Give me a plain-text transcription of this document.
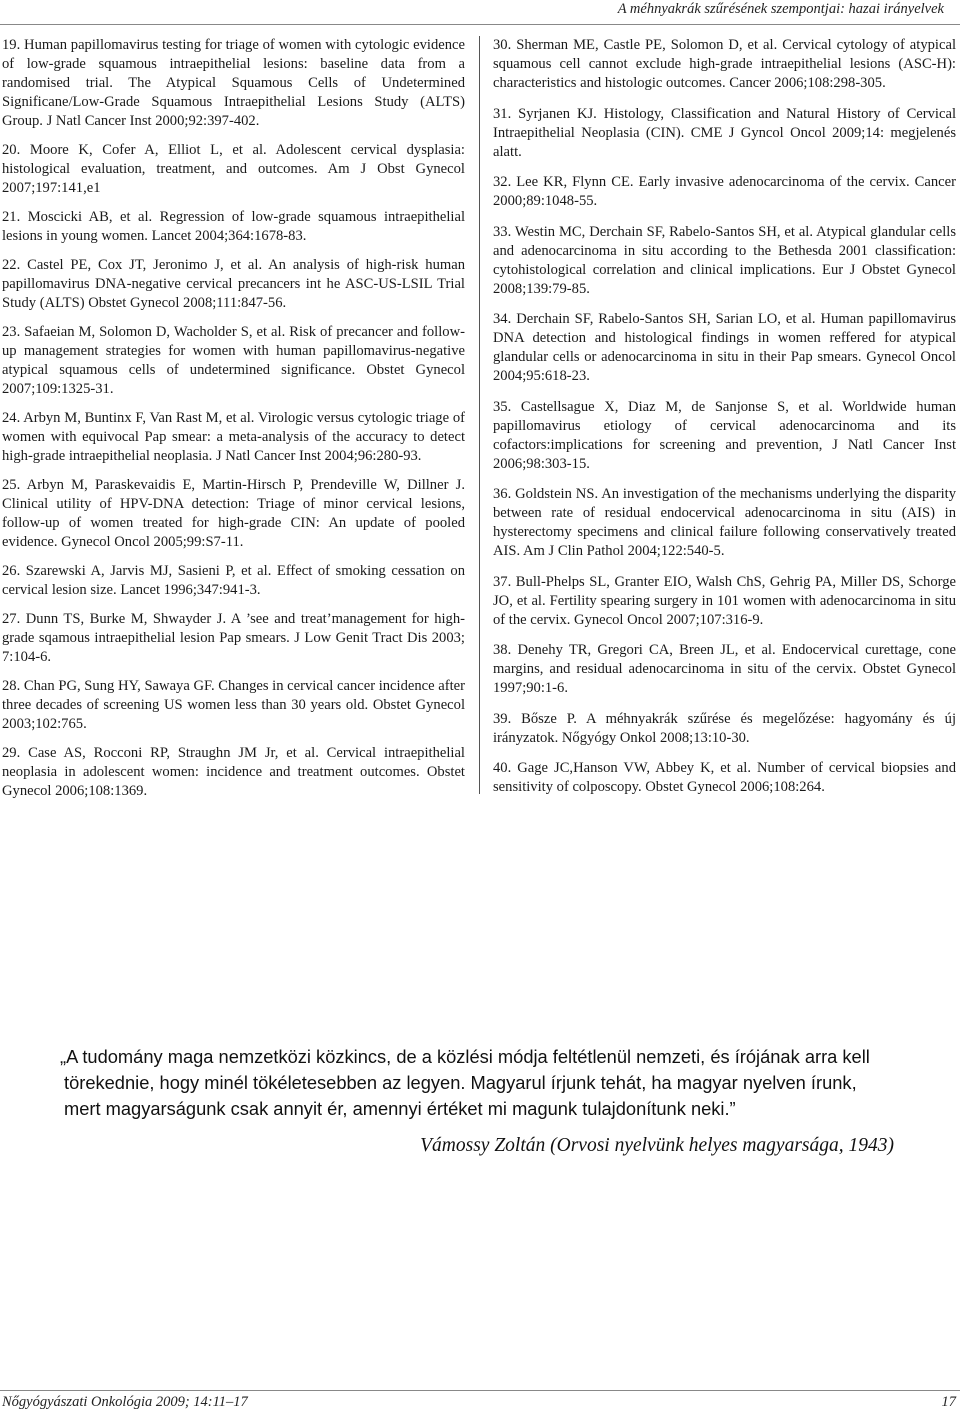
A méhnyakrák szűrésének szempontjai: hazai irányelvek

19. Human papillomavirus testing for triage of women with cytologic evidence of low-grade squamous intraepithelial lesions: baseline data from a randomised trial. The Atypical Squamous Cells of Undetermined Significane/Low-Grade Squamous Intraepithelial Lesions Study (ALTS) Group. J Natl Cancer Inst 2000;92:397-402.

20. Moore K, Cofer A, Elliot L, et al. Adolescent cervical dysplasia: histological evaluation, treatment, and outcomes. Am J Obst Gynecol 2007;197:141,e1

21. Moscicki AB, et al. Regression of low-grade squamous intraepithelial lesions in young women. Lancet 2004;364:1678-83.

22. Castel PE, Cox JT, Jeronimo J, et al. An analysis of high-risk human papillomavirus DNA-negative cervical precancers int he ASC-US-LSIL Trial Study (ALTS) Obstet Gynecol 2008;111:847-56.

23. Safaeian M, Solomon D, Wacholder S, et al. Risk of precancer and follow-up management strategies for women with human papillomavirus-negative atypical squamous cells of undetermined significance. Obstet Gynecol 2007;109:1325-31.

24. Arbyn M, Buntinx F, Van Rast M, et al. Virologic versus cytologic triage of women with equivocal Pap smear: a meta-analysis of the accuracy to detect high-grade intraepithelial neoplasia. J Natl Cancer Inst 2004;96:280-93.

25. Arbyn M, Paraskevaidis E, Martin-Hirsch P, Prendeville W, Dillner J. Clinical utility of HPV-DNA detection: Triage of minor cervical lesions, follow-up of women treated for high-grade CIN: An update of pooled evidence. Gynecol Oncol 2005;99:S7-11.

26. Szarewski A, Jarvis MJ, Sasieni P, et al. Effect of smoking cessation on cervical lesion size. Lancet 1996;347:941-3.

27. Dunn TS, Burke M, Shwayder J. A ’see and treat’management for high-grade sqamous intraepithelial lesion Pap smears. J Low Genit Tract Dis 2003; 7:104-6.

28. Chan PG, Sung HY, Sawaya GF. Changes in cervical cancer incidence after three decades of screening US women less than 30 years old. Obstet Gynecol 2003;102:765.

29. Case AS, Rocconi RP, Straughn JM Jr, et al. Cervical intraepithelial neoplasia in adolescent women: incidence and treatment outcomes. Obstet Gynecol 2006;108:1369.

30. Sherman ME, Castle PE, Solomon D, et al. Cervical cytology of atypical squamous cell cannot exclude high-grade intraepithelial lesions (ASC-H): characteristics and histologic outcomes. Cancer 2006;108:298-305.

31. Syrjanen KJ. Histology, Classification and Natural History of Cervical Intraepithelial Neoplasia (CIN). CME J Gyncol Oncol 2009;14: megjelenés alatt.

32. Lee KR, Flynn CE. Early invasive adenocarcinoma of the cervix. Cancer 2000;89:1048-55.

33. Westin MC, Derchain SF, Rabelo-Santos SH, et al. Atypical glandular cells and adenocarcinoma in situ according to the Bethesda 2001 classification: cytohistological correlation and clinical implications. Eur J Obstet Gynecol 2008;139:79-85.

34. Derchain SF, Rabelo-Santos SH, Sarian LO, et al. Human papillomavirus DNA detection and histological findings in women reffered for atypical glandular cells or adenocarcinoma in situ in their Pap smears. Gynecol Oncol 2004;95:618-23.

35. Castellsague X, Diaz M, de Sanjonse S, et al. Worldwide human papillomavirus etiology of cervical adenocarcinoma and its cofactors:implications for screening and prevention, J Natl Cancer Inst 2006;98:303-15.

36. Goldstein NS. An investigation of the mechanisms underlying the disparity between rate of residual endocervical adenocarcinoma in situ (AIS) in hysterectomy specimens and clinical failure following conservatively treated AIS. Am J Clin Pathol 2004;122:540-5.

37. Bull-Phelps SL, Granter EIO, Walsh ChS, Gehrig PA, Miller DS, Schorge JO, et al. Fertility spearing surgery in 101 women with adenocarcinoma in situ of the cervix. Gynecol Oncol 2007;107:316-9.

38. Denehy TR, Gregori CA, Breen JL, et al. Endocervical curettage, cone margins, and residual adenocarcinoma in situ of the cervix. Obstet Gynecol 1997;90:1-6.

39. Bősze P. A méhnyakrák szűrése és megelőzése: hagyomány és új irányzatok. Nőgyógy Onkol 2008;13:10-30.

40. Gage JC,Hanson VW, Abbey K, et al. Number of cervical biopsies and sensitivity of colposcopy. Obstet Gynecol 2006;108:264.

„A tudomány maga nemzetközi közkincs, de a közlési módja feltétlenül nemzeti, és írójának arra kell törekednie, hogy minél tökéletesebben az legyen. Magyarul írjunk tehát, ha magyar nyelven írunk, mert magyarságunk csak annyit ér, amennyi értéket mi magunk tulajdonítunk neki.”

Vámossy Zoltán (Orvosi nyelvünk helyes magyarsága, 1943)
Nőgyógyászati Onkológia 2009; 14:11–17	17
